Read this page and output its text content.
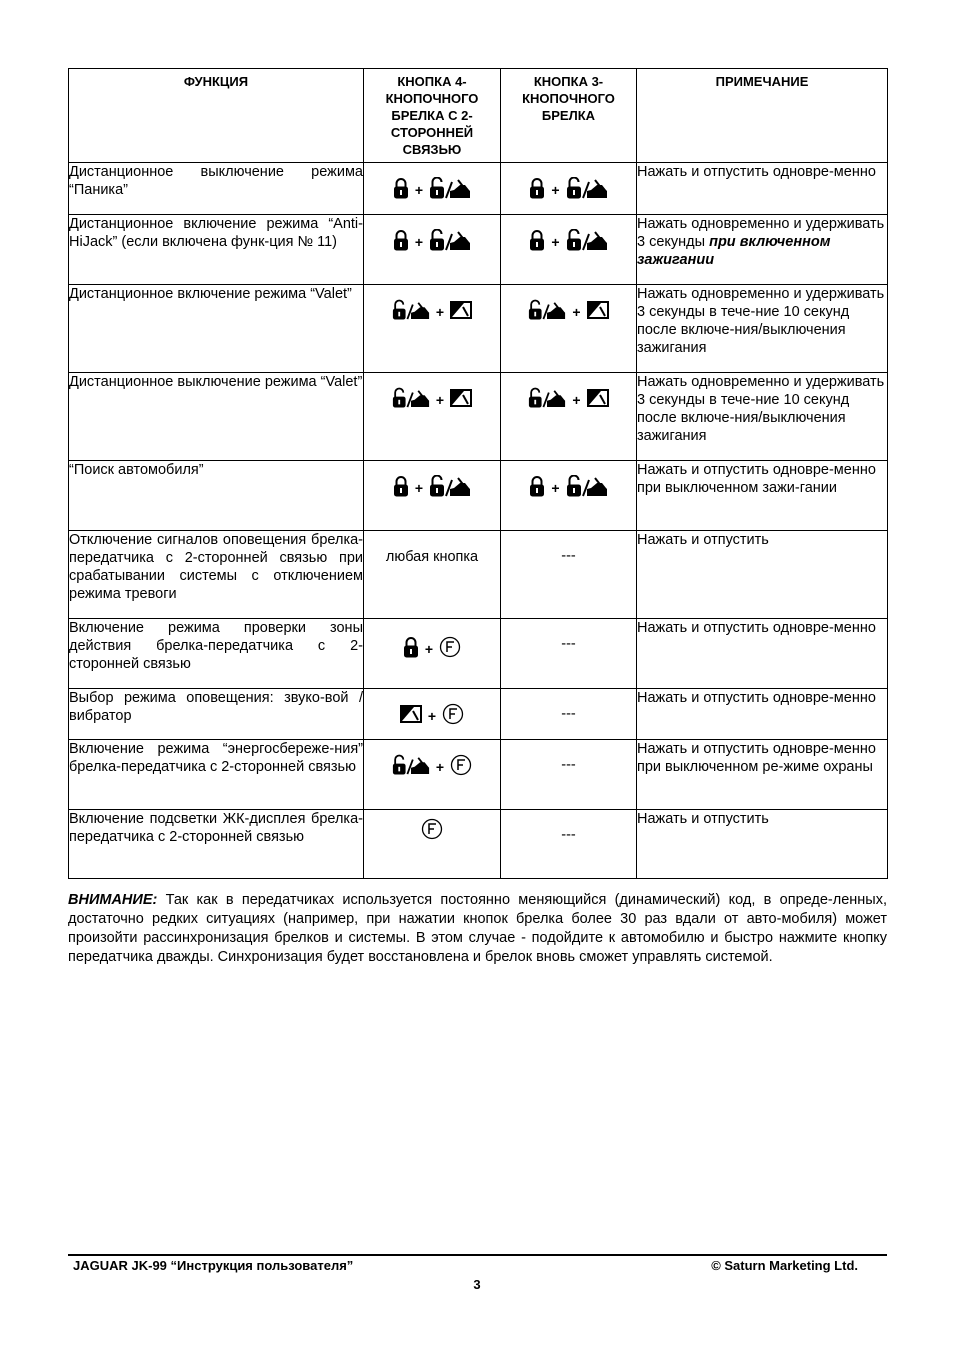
ФУНКЦИЯ	КНОПКА 4-КНОПОЧНОГО БРЕЛКА С 2-СТОРОННЕЙ СВЯЗЬЮ	КНОПКА 3-КНОПОЧНОГО БРЕЛКА	ПРИМЕЧАНИЕ
Дистанционное выключение режима “Паника”	+	+	Нажать и отпустить одновре-менно
Дистанционное включение режима “Anti-HiJack” (если включена функ-ция № 11)	+	+	Нажать одновременно и удерживать 3 секунды при включенном зажигании
Дистанционное включение режима “Valet”	+	+	Нажать одновременно и удерживать 3 секунды в тече-ние 10 секунд после включе-ния/выключения зажигания
Дистанционное выключение режима “Valet”	+	+	Нажать одновременно и удерживать 3 секунды в тече-ние 10 секунд после включе-ния/выключения зажигания
“Поиск автомобиля”	+	+	Нажать и отпустить одновре-менно при выключенном зажи-гании
Отключение сигналов оповещения брелка-передатчика с 2-сторонней связью при срабатывании системы с отключением режима тревоги	любая кнопка	---	Нажать и отпустить
Включение режима проверки зоны действия брелка-передатчика с 2-сторонней связью	+	---	Нажать и отпустить одновре-менно
Выбор режима оповещения: звуко-вой / вибратор	+	---	Нажать и отпустить одновре-менно
Включение режима “энергосбереже-ния” брелка-передатчика с 2-сторонней связью	+	---	Нажать и отпустить одновре-менно при выключенном ре-жиме охраны
Включение подсветки ЖК-дисплея брелка-передатчика с 2-сторонней связью		---	Нажать и отпустить
ВНИМАНИЕ: Так как в передатчиках используется постоянно меняющийся (динамический) код, в опреде-ленных, достаточно редких ситуациях (например, при нажатии кнопок брелка более 30 раз вдали от авто-мобиля) может произойти рассинхронизация брелков и системы. В этом случае - подойдите к автомобилю и быстро нажмите кнопку передатчика дважды. Синхронизация будет восстановлена и брелок вновь сможет управлять системой.
JAGUAR JK-99 “Инструкция пользователя”	© Saturn Marketing Ltd.
3
